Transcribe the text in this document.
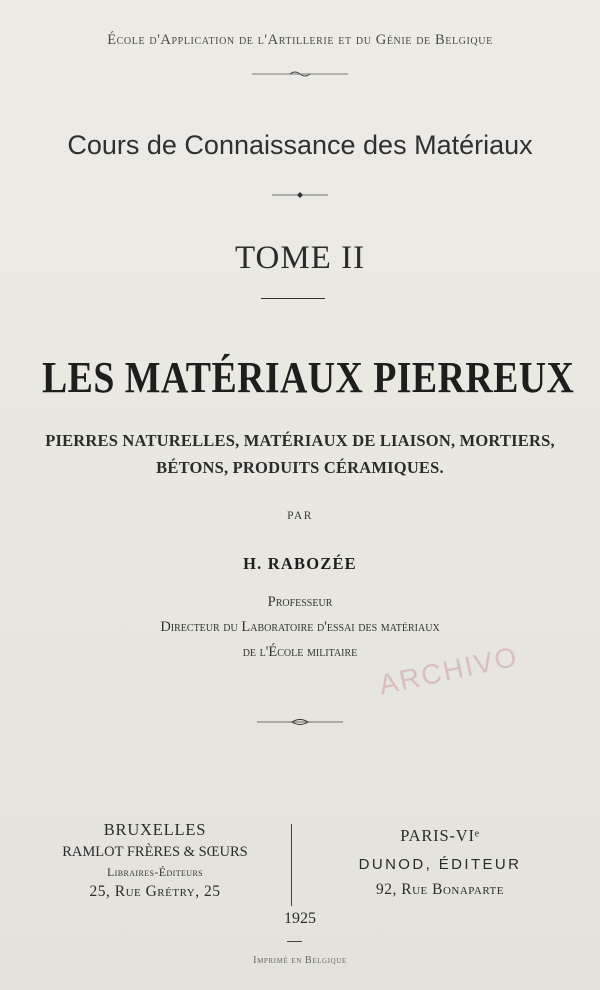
École d'Application de l'Artillerie et du Génie de Belgique
Cours de Connaissance des Matériaux
TOME II
LES MATÉRIAUX PIERREUX
PIERRES NATURELLES, MATÉRIAUX DE LIAISON, MORTIERS,
BÉTONS, PRODUITS CÉRAMIQUES.
PAR
H. RABOZÉE
Professeur
Directeur du Laboratoire d'essai des matériaux
de l'École militaire ARCHIVO
BRUXELLES
RAMLOT FRÈRES & SŒURS
Libraires-Éditeurs
25, Rue Grétry, 25
PARIS-VIᵉ
DUNOD, ÉDITEUR
92, Rue Bonaparte
1925
Imprimé en Belgique
